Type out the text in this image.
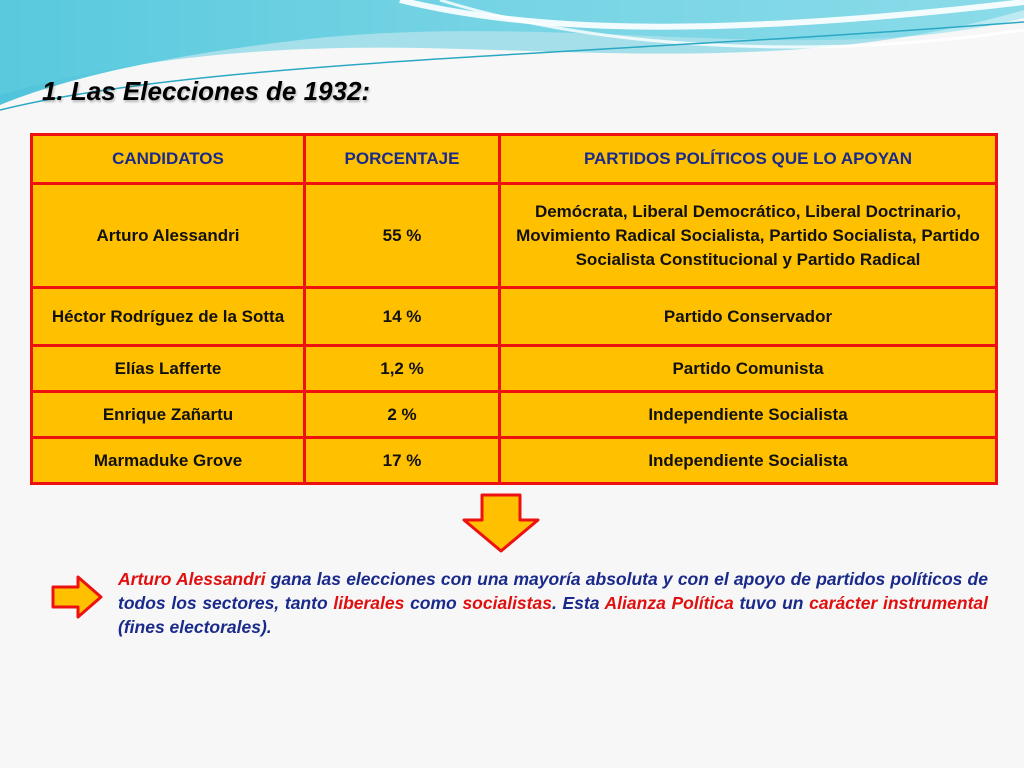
1. Las Elecciones de 1932:
CANDIDATOS	PORCENTAJE	PARTIDOS POLÍTICOS QUE LO APOYAN
Arturo Alessandri	55 %	Demócrata, Liberal Democrático, Liberal Doctrinario, Movimiento Radical Socialista, Partido Socialista, Partido Socialista Constitucional y Partido Radical
Héctor Rodríguez de la Sotta	14 %	Partido Conservador
Elías Lafferte	1,2 %	Partido Comunista
Enrique Zañartu	2 %	Independiente Socialista
Marmaduke Grove	17 %	Independiente Socialista
Arturo Alessandri gana las elecciones con una mayoría absoluta y con el apoyo de partidos políticos de todos los sectores, tanto liberales como socialistas. Esta Alianza Política tuvo un carácter instrumental (fines electorales).
